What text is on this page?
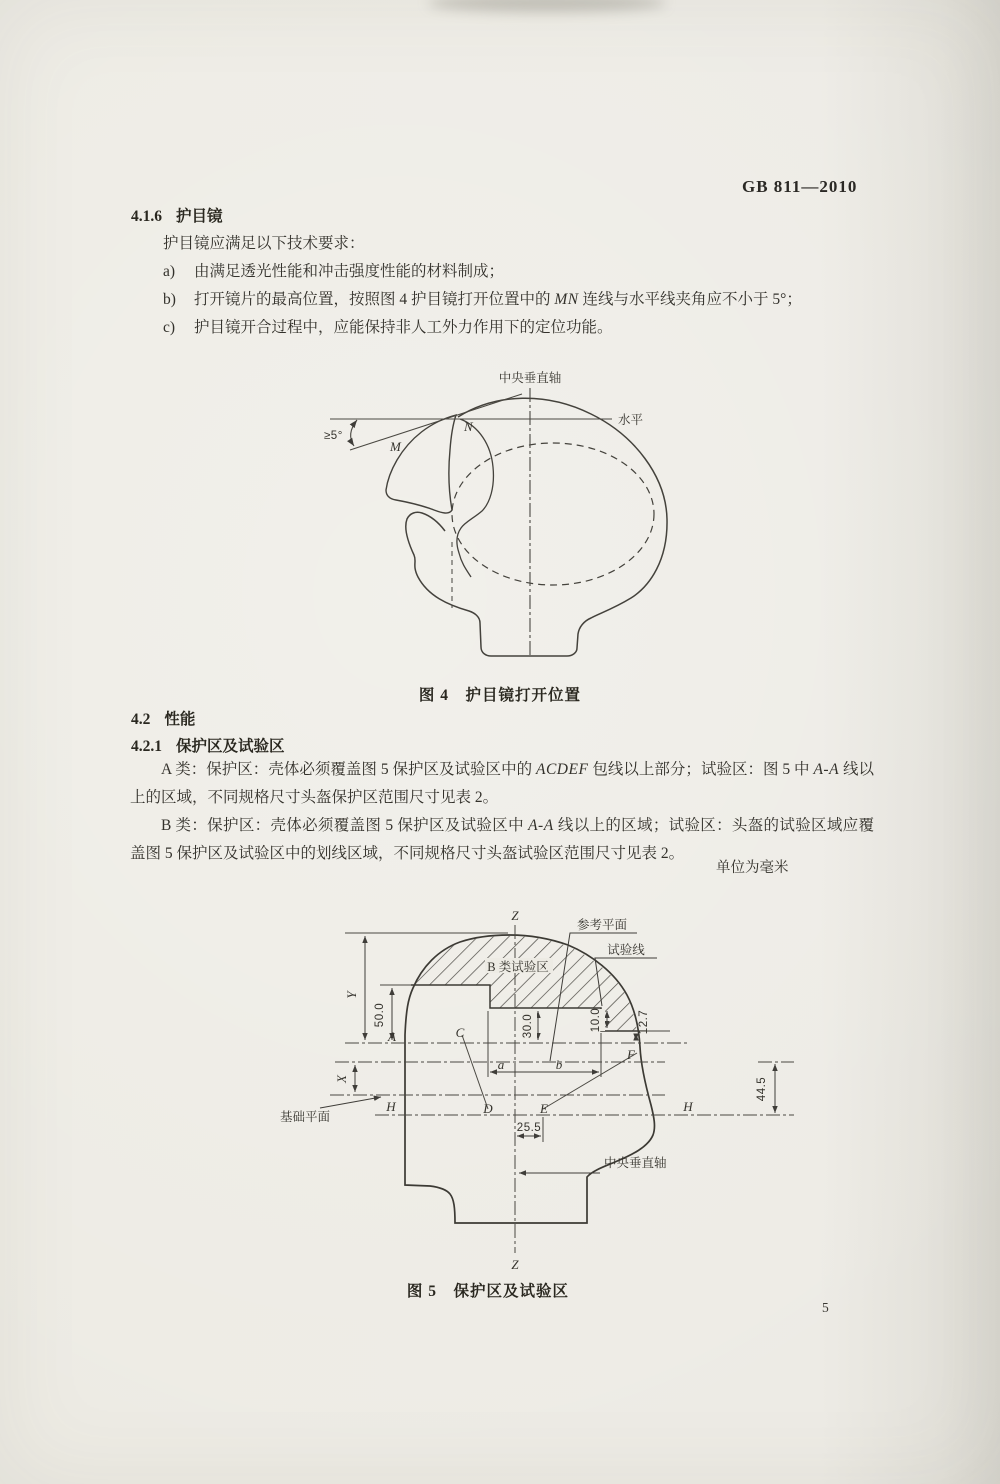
GB 811—2010
4.1.6 护目镜
护目镜应满足以下技术要求：
a) 由满足透光性能和冲击强度性能的材料制成；
b) 打开镜片的最高位置，按照图 4 护目镜打开位置中的 MN 连线与水平线夹角应不小于 5°；
c) 护目镜开合过程中，应能保持非人工外力作用下的定位功能。
中央垂直轴
水平
≥5°
M
N
图 4　护目镜打开位置
4.2 性能
4.2.1 保护区及试验区
A 类：保护区：壳体必须覆盖图 5 保护区及试验区中的 ACDEF 包线以上部分；试验区：图 5 中 A-A 线以上的区域，不同规格尺寸头盔保护区范围尺寸见表 2。
B 类：保护区：壳体必须覆盖图 5 保护区及试验区中 A-A 线以上的区域；试验区：头盔的试验区域应覆盖图 5 保护区及试验区中的划线区域，不同规格尺寸头盔试验区范围尺寸见表 2。
单位为毫米
Z
Z
参考平面
试验线
B 类试验区
基础平面
中央垂直轴
A	C
D	E
F
H	H
a	b
Y
X
50.0	30.0	10.0	12.7
44.5
25.5
图 5　保护区及试验区
5
